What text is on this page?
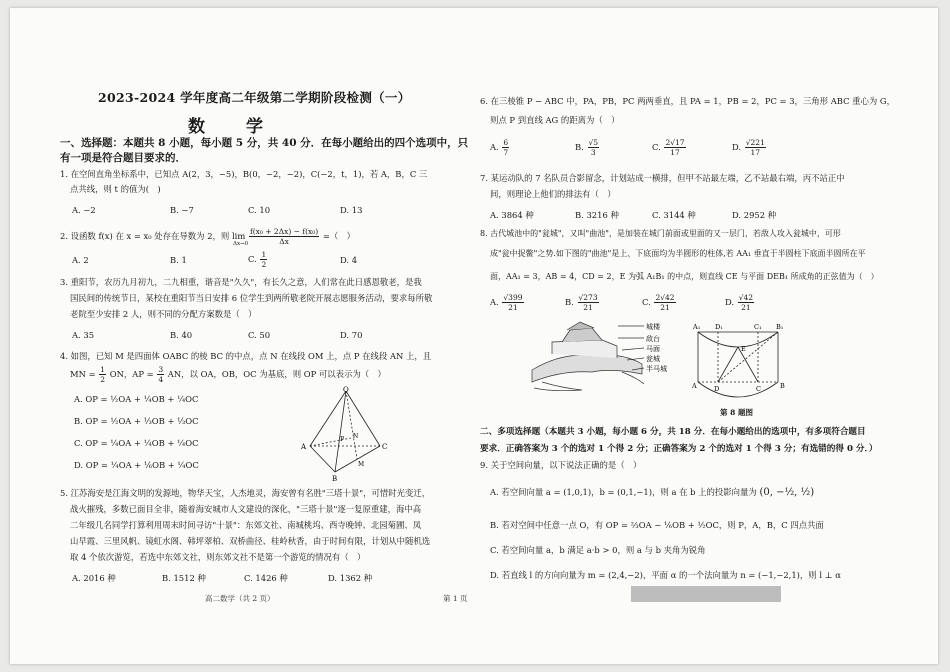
2023-2024 学年度高二年级第二学期阶段检测（一）
数　学
一、选择题：本题共 8 小题，每小题 5 分，共 40 分．在每小题给出的四个选项中，只
有一项是符合题目要求的．
1. 在空间直角坐标系中，已知点 A(2，3，−5)，B(0，−2，−2)，C(−2，t，1)，若 A，B，C 三
点共线，则 t 的值为(　)
A. −2	B. −7	C. 10	D. 13
2. 设函数 f(x) 在 x = x₀ 处存在导数为 2，则 $\lim \frac{\text{f(x₀ + 2Δx) − f(x₀)}}{\Delta x}$ =（　）
Δx→0
A. 2	B. 1	C. $\frac{1}{2}$	D. 4
3. 重阳节，农历九月初九，二九相重，谐音是"久久"，有长久之意，人们常在此日感恩敬老，是我
国民间的传统节日，某校在重阳节当日安排 6 位学生到两所敬老院开展志愿服务活动，要求每所敬
老院至少安排 2 人，则不同的分配方案数是（　）
A. 35	B. 40	C. 50	D. 70
4. 如图，已知 M 是四面体 OABC 的棱 BC 的中点，点 N 在线段 OM 上，点 P 在线段 AN 上，且
MN = $\frac{1}{2}$ ON，AP = $\frac{3}{4}$ AN，以 OA，OB，OC 为基底，则 OP 可以表示为（　）
A. OP = ½OA + ¼OB + ¼OC
B. OP = ½OA + ⅓OB + ⅓OC
C. OP = ¼OA + ¼OB + ¼OC
D. OP = ¼OA + ⅙OB + ¼OC
O
A
B
C
P N
M
5. 江苏海安是江海文明的发源地，物华天宝，人杰地灵，海安曾有名胜"三塔十景"，可惜时光变迁，
战火摧残，多数已面目全非，随着海安城市人文建设的深化，"三塔十景"逐一复原重建，海中高
二年级几名同学打算利用周末时间寻访"十景"：东郊文社、南城桃坞、西寺晚钟、北园菊圃、凤
山早霞、三里风帆、镜虹水阁、韩坪翠柏、双桥曲径、桂岭秋香，由于时间有限，计划从中随机选
取 4 个依次游览，若选中东郊文社，则东郊文社不是第一个游览的情况有（　）
A. 2016 种	B. 1512 种	C. 1426 种	D. 1362 种
高二数学（共 2 页）
6. 在三棱锥 P − ABC 中，PA，PB，PC 两两垂直，且 PA = 1，PB = 2，PC = 3，三角形 ABC 重心为 G，
则点 P 到直线 AG 的距离为（　）
A. $\frac{6}{7}$	B. $\frac{√5}{3}$	C. $\frac{2√17}{17}$	D. $\frac{√221}{17}$
7. 某运动队的 7 名队员合影留念，计划站成一横排，但甲不站最左端，乙不站最右端，丙不站正中
间，则理论上他们的排法有（　）
A. 3864 种	B. 3216 种	C. 3144 种	D. 2952 种
8. 古代城池中的"瓮城"，又叫"曲池"，是加装在城门前面或里面的又一层门，若敌人攻入瓮城中，可形
成"瓮中捉鳖"之势.如下图的"曲池"是上、下底面均为半圆形的柱体,若 AA₁ 垂直于半圆柱下底面半圆所在平
面，AA₁ = 3，AB = 4，CD = 2，E 为弧 A₁B₁ 的中点，则直线 CE 与平面 DEB₁ 所成角的正弦值为（　）
A. $\frac{√399}{21}$	B. $\frac{√273}{21}$	C. $\frac{2√42}{21}$	D. $\frac{√42}{21}$
城楼
敌台
马面
瓮城
半马城
A₁ D₁	C₁ B₁
E
A	D	C	B
第 8 题图
二、多项选择题（本题共 3 小题，每小题 6 分，共 18 分．在每小题给出的选项中，有多项符合题目
要求．正确答案为 3 个的选对 1 个得 2 分；正确答案为 2 个的选对 1 个得 3 分；有选错的得 0 分．）
9. 关于空间向量，以下说法正确的是（　）
A. 若空间向量 a = (1,0,1)，b = (0,1,−1)，则 a 在 b 上的投影向量为 (0, −½, ½)
B. 若对空间中任意一点 O，有 OP = ⅔OA − ⅙OB + ½OC，则 P，A，B，C 四点共面
C. 若空间向量 a，b 满足 a·b > 0，则 a 与 b 夹角为锐角
D. 若直线 l 的方向向量为 m = (2,4,−2)，平面 α 的一个法向量为 n = (−1,−2,1)，则 l ⊥ α
第 1 页
